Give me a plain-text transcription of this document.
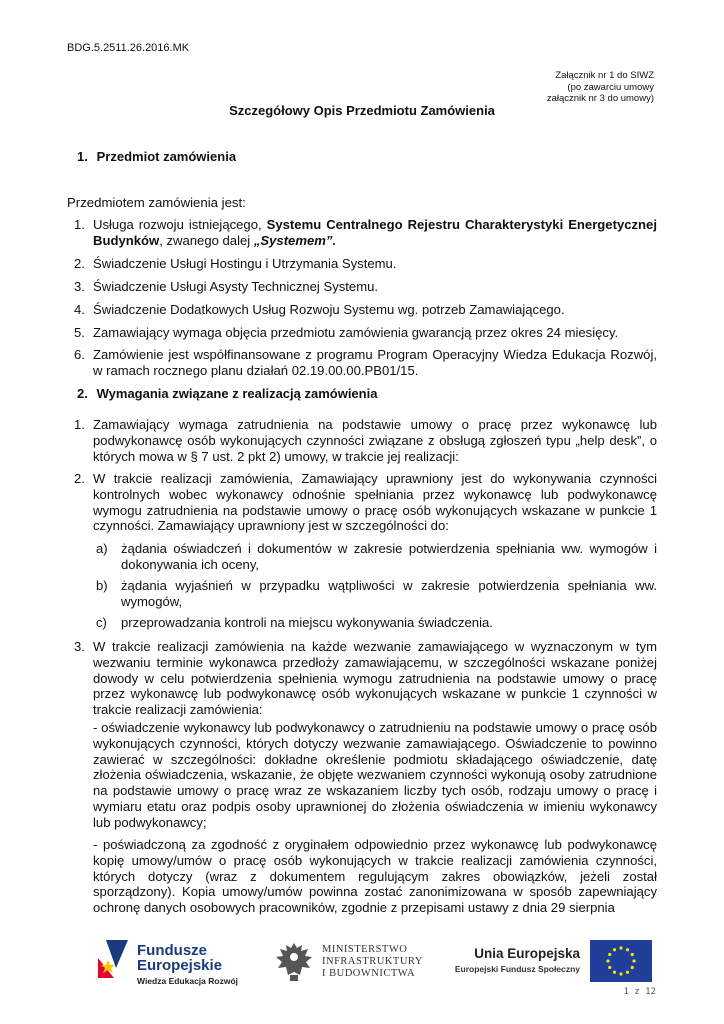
BDG.5.2511.26.2016.MK
Załącznik nr 1 do SIWZ
(po zawarciu umowy
załącznik nr 3 do umowy)
Szczegółowy Opis Przedmiotu Zamówienia
1. Przedmiot zamówienia
Przedmiotem zamówienia jest:
1. Usługa rozwoju istniejącego, Systemu Centralnego Rejestru Charakterystyki Energetycznej Budynków, zwanego dalej „Systemem”.
2. Świadczenie Usługi Hostingu i Utrzymania Systemu.
3. Świadczenie Usługi Asysty Technicznej Systemu.
4. Świadczenie Dodatkowych Usług Rozwoju Systemu wg. potrzeb Zamawiającego.
5. Zamawiający wymaga objęcia przedmiotu zamówienia gwarancją przez okres 24 miesięcy.
6. Zamówienie jest współfinansowane z programu Program Operacyjny Wiedza Edukacja Rozwój, w ramach rocznego planu działań 02.19.00.00.PB01/15.
2. Wymagania związane z realizacją zamówienia
1. Zamawiający wymaga zatrudnienia na podstawie umowy o pracę przez wykonawcę lub podwykonawcę osób wykonujących czynności związane z obsługą zgłoszeń typu „help desk”, o których mowa w § 7 ust. 2 pkt 2) umowy, w trakcie jej realizacji:
2. W trakcie realizacji zamówienia, Zamawiający uprawniony jest do wykonywania czynności kontrolnych wobec wykonawcy odnośnie spełniania przez wykonawcę lub podwykonawcę wymogu zatrudnienia na podstawie umowy o pracę osób wykonujących wskazane w punkcie 1 czynności. Zamawiający uprawniony jest w szczególności do:
3. W trakcie realizacji zamówienia na każde wezwanie zamawiającego w wyznaczonym w tym wezwaniu terminie wykonawca przedłoży zamawiającemu, w szczególności wskazane poniżej dowody w celu potwierdzenia spełnienia wymogu zatrudnienia na podstawie umowy o pracę przez wykonawcę lub podwykonawcę osób wykonujących wskazane w punkcie 1 czynności w trakcie realizacji zamówienia:
a) żądania oświadczeń i dokumentów w zakresie potwierdzenia spełniania ww. wymogów i dokonywania ich oceny,
b) żądania wyjaśnień w przypadku wątpliwości w zakresie potwierdzenia spełniania ww. wymogów,
c) przeprowadzania kontroli na miejscu wykonywania świadczenia.
- oświadczenie wykonawcy lub podwykonawcy o zatrudnieniu na podstawie umowy o pracę osób wykonujących czynności, których dotyczy wezwanie zamawiającego. Oświadczenie to powinno zawierać w szczególności: dokładne określenie podmiotu składającego oświadczenie, datę złożenia oświadczenia, wskazanie, że objęte wezwaniem czynności wykonują osoby zatrudnione na podstawie umowy o pracę wraz ze wskazaniem liczby tych osób, rodzaju umowy o pracę i wymiaru etatu oraz podpis osoby uprawnionej do złożenia oświadczenia w imieniu wykonawcy lub podwykonawcy;
- poświadczoną za zgodność z oryginałem odpowiednio przez wykonawcę lub podwykonawcę kopię umowy/umów o pracę osób wykonujących w trakcie realizacji zamówienia czynności, których dotyczy (wraz z dokumentem regulującym zakres obowiązków, jeżeli został sporządzony). Kopia umowy/umów powinna zostać zanonimizowana w sposób zapewniający ochronę danych osobowych pracowników, zgodnie z przepisami ustawy z dnia 29 sierpnia
Fundusze
Europejskie
Wiedza Edukacja Rozwój
MINISTERSTWO
INFRASTRUKTURY
I BUDOWNICTWA
Unia Europejska
Europejski Fundusz Społeczny
1 z 12
